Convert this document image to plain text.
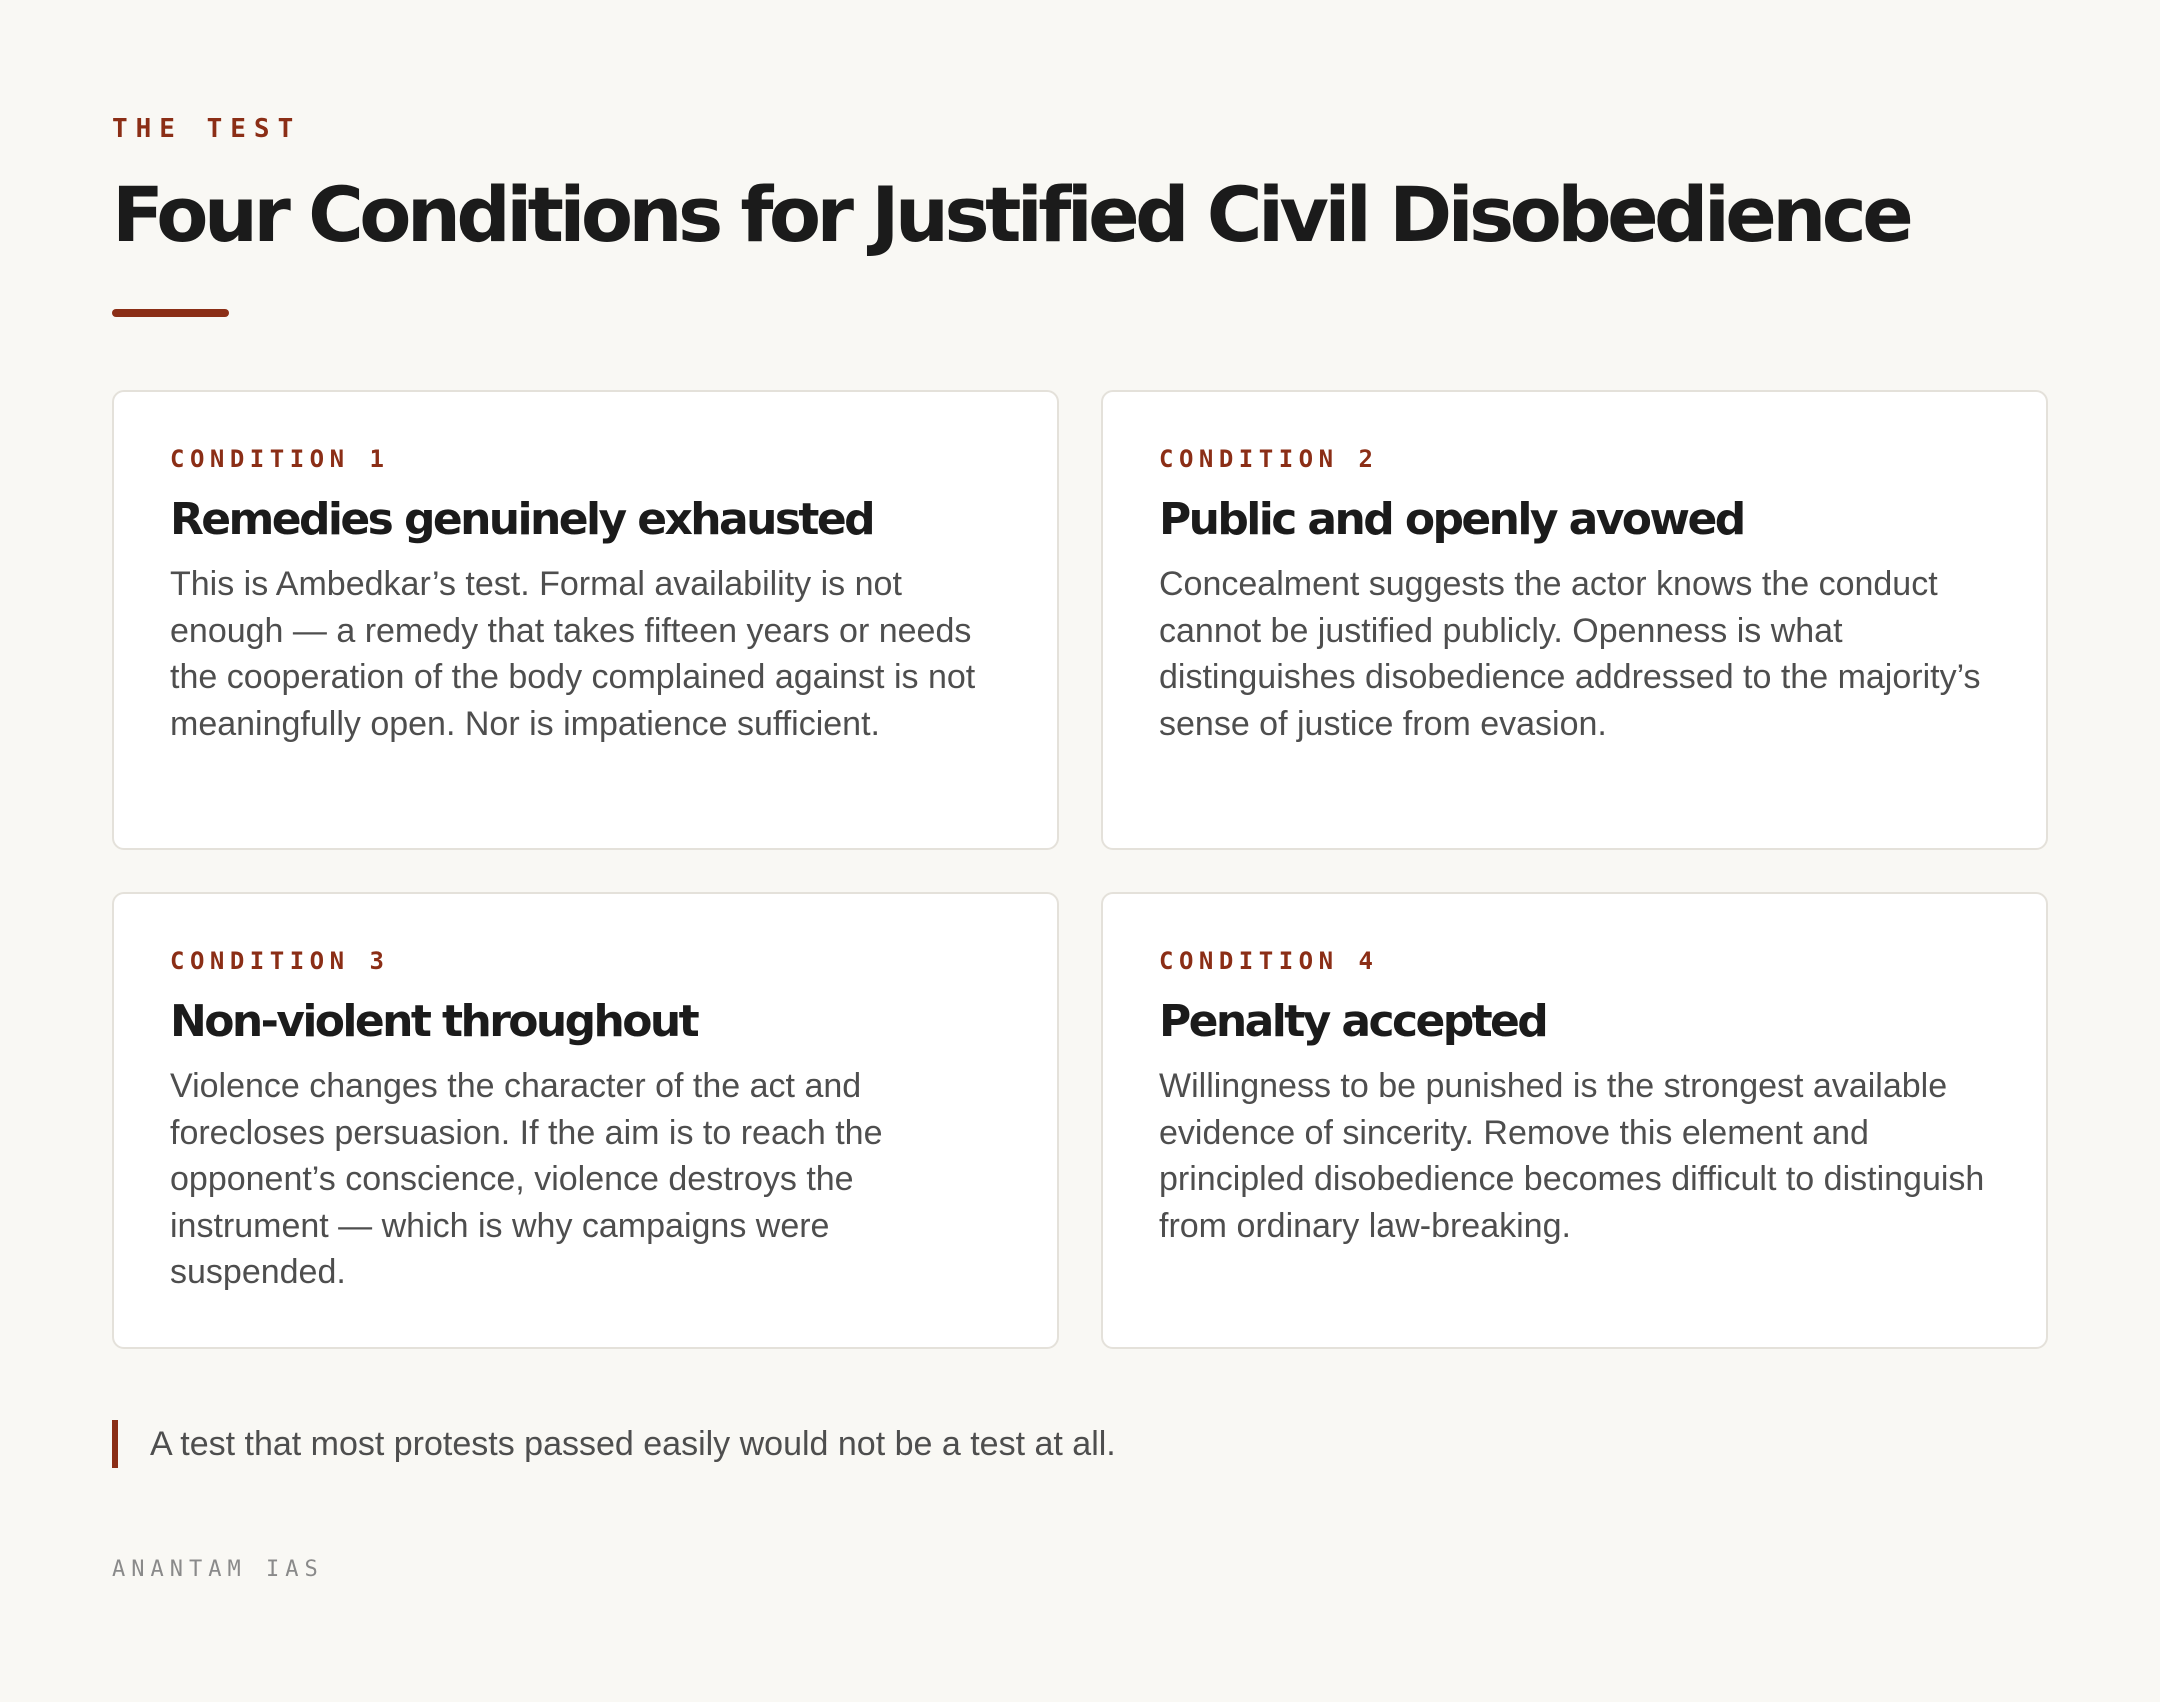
THE TEST
Four Conditions for Justified Civil Disobedience
CONDITION 1
Remedies genuinely exhausted

This is Ambedkar’s test. Formal availability is not enough — a remedy that takes fifteen years or needs the cooperation of the body complained against is not meaningfully open. Nor is impatience sufficient.

CONDITION 2
Public and openly avowed

Concealment suggests the actor knows the conduct cannot be justified publicly. Openness is what distinguishes disobedience addressed to the majority’s sense of justice from evasion.

CONDITION 3
Non-violent throughout

Violence changes the character of the act and forecloses persuasion. If the aim is to reach the opponent’s conscience, violence destroys the instrument — which is why campaigns were suspended.

CONDITION 4
Penalty accepted

Willingness to be punished is the strongest available evidence of sincerity. Remove this element and principled disobedience becomes difficult to distinguish from ordinary law-breaking.

A test that most protests passed easily would not be a test at all.
ANANTAM IAS
